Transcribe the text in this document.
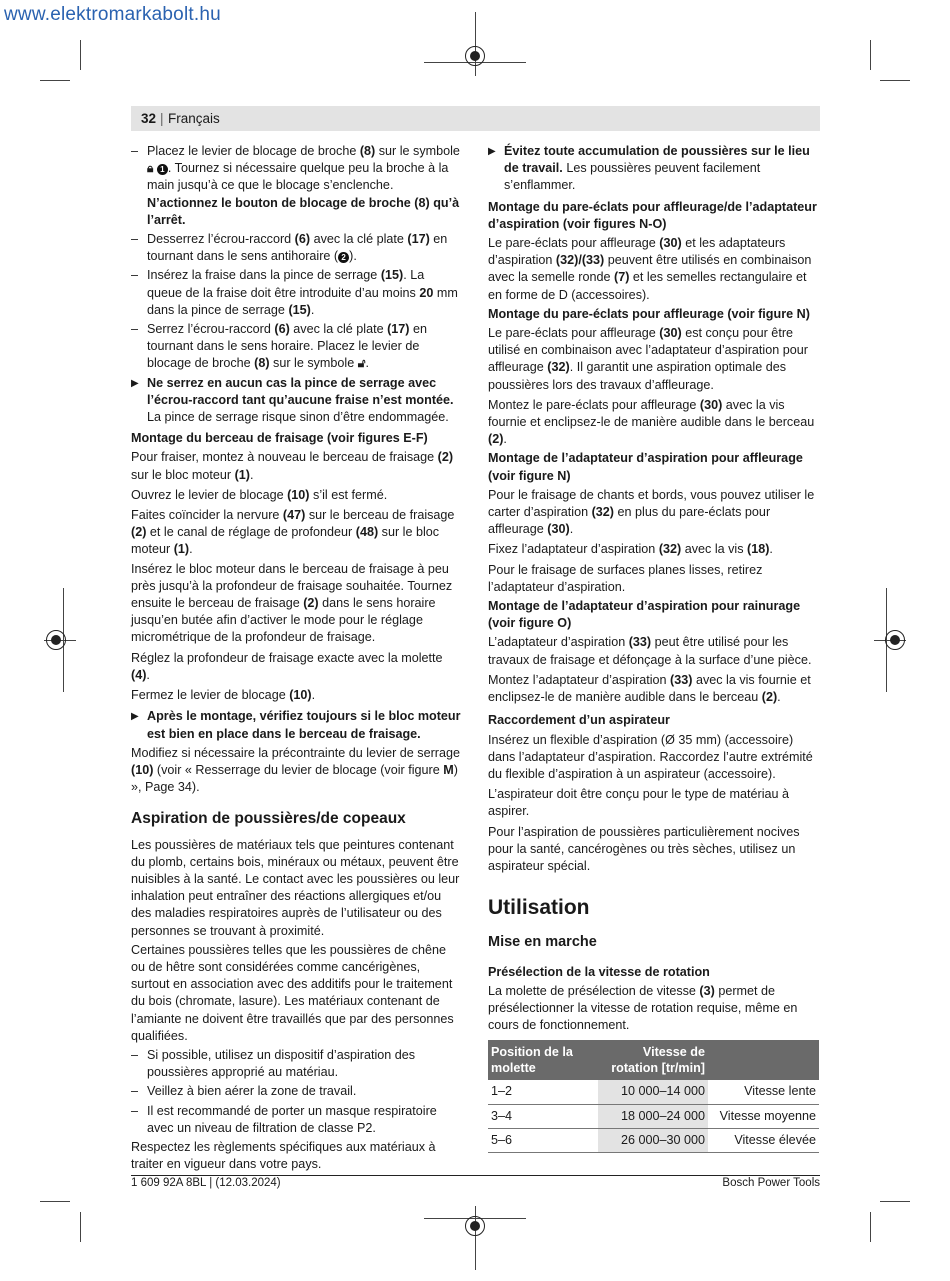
www.elektromarkabolt.hu
32 | Français

– Placez le levier de blocage de broche (8) sur le symbole 🔒︎ 1 . Tournez si nécessaire quelque peu la broche à la main jusqu’à ce que le blocage s’enclenche. N’actionnez le bouton de blocage de broche (8) qu’à l’arrêt.

– Desserrez l’écrou-raccord (6) avec la clé plate (17) en tournant dans le sens antihoraire ( 2 ).

– Insérez la fraise dans la pince de serrage (15). La queue de la fraise doit être introduite d’au moins 20 mm dans la pince de serrage (15).

– Serrez l’écrou-raccord (6) avec la clé plate (17) en tournant dans le sens horaire. Placez le levier de blocage de broche (8) sur le symbole 🔓︎.

▶ Ne serrez en aucun cas la pince de serrage avec l’écrou-raccord tant qu’aucune fraise n’est montée. La pince de serrage risque sinon d’être endommagée.

Montage du berceau de fraisage (voir figures E-F)

Pour fraiser, montez à nouveau le berceau de fraisage (2) sur le bloc moteur (1).

Ouvrez le levier de blocage (10) s’il est fermé.

Faites coïncider la nervure (47) sur le berceau de fraisage (2) et le canal de réglage de profondeur (48) sur le bloc moteur (1).

Insérez le bloc moteur dans le berceau de fraisage à peu près jusqu’à la profondeur de fraisage souhaitée. Tournez ensuite le berceau de fraisage (2) dans le sens horaire jusqu’en butée afin d’activer le mode pour le réglage micrométrique de la profondeur de fraisage.

Réglez la profondeur de fraisage exacte avec la molette (4).

Fermez le levier de blocage (10).

▶ Après le montage, vérifiez toujours si le bloc moteur est bien en place dans le berceau de fraisage.

Modifiez si nécessaire la précontrainte du levier de serrage (10) (voir « Resserrage du levier de blocage (voir figure M) », Page 34).

Aspiration de poussières/de copeaux

Les poussières de matériaux tels que peintures contenant du plomb, certains bois, minéraux ou métaux, peuvent être nuisibles à la santé. Le contact avec les poussières ou leur inhalation peut entraîner des réactions allergiques et/ou des maladies respiratoires auprès de l’utilisateur ou des personnes se trouvant à proximité.

Certaines poussières telles que les poussières de chêne ou de hêtre sont considérées comme cancérigènes, surtout en association avec des additifs pour le traitement du bois (chromate, lasure). Les matériaux contenant de l’amiante ne doivent être travaillés que par des personnes qualifiées.

– Si possible, utilisez un dispositif d’aspiration des poussières approprié au matériau.

– Veillez à bien aérer la zone de travail.

– Il est recommandé de porter un masque respiratoire avec un niveau de filtration de classe P2.

Respectez les règlements spécifiques aux matériaux à traiter en vigueur dans votre pays.

▶ Évitez toute accumulation de poussières sur le lieu de travail. Les poussières peuvent facilement s’enflammer.

Montage du pare-éclats pour affleurage/de l’adaptateur d’aspiration (voir figures N-O)

Le pare-éclats pour affleurage (30) et les adaptateurs d’aspiration (32)/(33) peuvent être utilisés en combinaison avec la semelle ronde (7) et les semelles rectangulaire et en forme de D (accessoires).

Montage du pare-éclats pour affleurage (voir figure N)

Le pare-éclats pour affleurage (30) est conçu pour être utilisé en combinaison avec l’adaptateur d’aspiration pour affleurage (32). Il garantit une aspiration optimale des poussières lors des travaux d’affleurage.

Montez le pare-éclats pour affleurage (30) avec la vis fournie et enclipsez-le de manière audible dans le berceau (2).

Montage de l’adaptateur d’aspiration pour affleurage (voir figure N)

Pour le fraisage de chants et bords, vous pouvez utiliser le carter d’aspiration (32) en plus du pare-éclats pour affleurage (30).

Fixez l’adaptateur d’aspiration (32) avec la vis (18).

Pour le fraisage de surfaces planes lisses, retirez l’adaptateur d’aspiration.

Montage de l’adaptateur d’aspiration pour rainurage (voir figure O)

L’adaptateur d’aspiration (33) peut être utilisé pour les travaux de fraisage et défonçage à la surface d’une pièce.

Montez l’adaptateur d’aspiration (33) avec la vis fournie et enclipsez-le de manière audible dans le berceau (2).

Raccordement d’un aspirateur

Insérez un flexible d’aspiration (Ø 35 mm) (accessoire) dans l’adaptateur d’aspiration. Raccordez l’autre extrémité du flexible d’aspiration à un aspirateur (accessoire).

L’aspirateur doit être conçu pour le type de matériau à aspirer.

Pour l’aspiration de poussières particulièrement nocives pour la santé, cancérogènes ou très sèches, utilisez un aspirateur spécial.

Utilisation

Mise en marche

Présélection de la vitesse de rotation

La molette de présélection de vitesse (3) permet de présélectionner la vitesse de rotation requise, même en cours de fonctionnement.

Position de la molette	Vitesse de rotation [tr/min]	
1–2	10 000–14 000	Vitesse lente
3–4	18 000–24 000	Vitesse moyenne
5–6	26 000–30 000	Vitesse élevée
1 609 92A 8BL | (12.03.2024)	Bosch Power Tools
